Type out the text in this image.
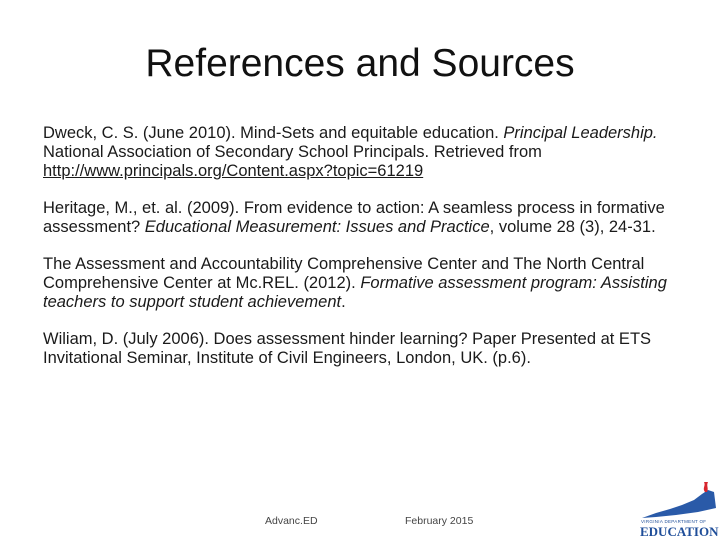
References and Sources

Dweck, C. S. (June 2010). Mind-Sets and equitable education. Principal Leadership. National Association of Secondary School Principals. Retrieved from http://www.principals.org/Content.aspx?topic=61219

Heritage, M., et. al. (2009). From evidence to action: A seamless process in formative assessment? Educational Measurement: Issues and Practice, volume 28 (3), 24-31.

The Assessment and Accountability Comprehensive Center and The North Central Comprehensive Center at Mc.REL. (2012). Formative assessment program: Assisting teachers to support student achievement.

Wiliam, D. (July 2006). Does assessment hinder learning? Paper Presented at ETS Invitational Seminar, Institute of Civil Engineers, London, UK. (p.6).

Advanc.ED	February 2015	VIRGINIA DEPARTMENT OF
EDUCATION
